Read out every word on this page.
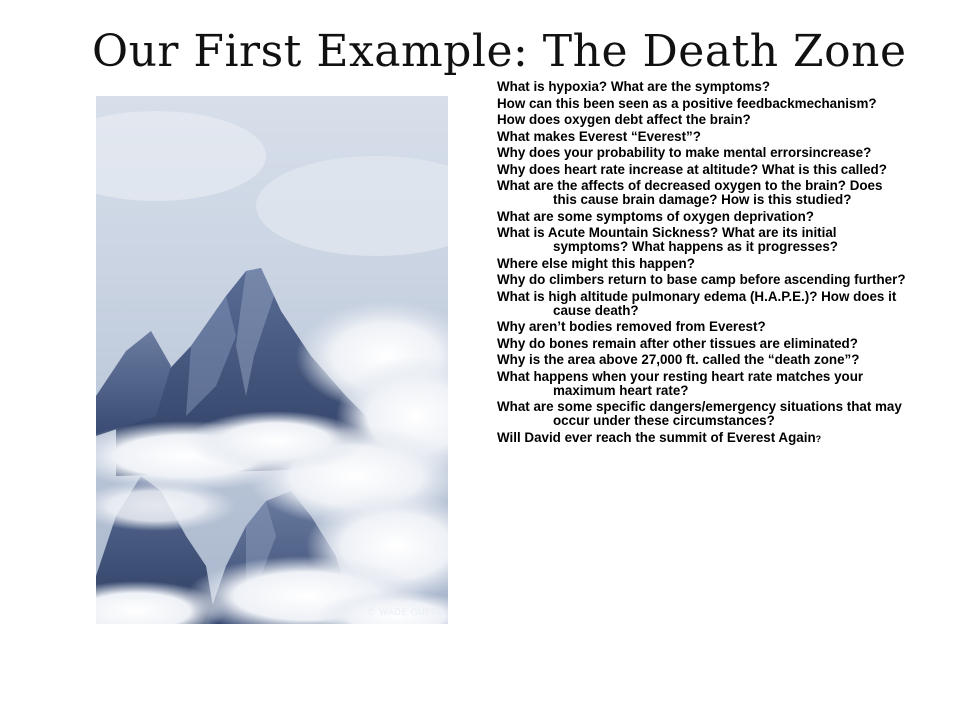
Our First Example: The Death Zone
© WADE GUPTA
What is hypoxia? What are the symptoms?
How can this been seen as a positive feedbackmechanism?
How does oxygen debt affect the brain?
What makes Everest “Everest”?
Why does your probability to make mental errorsincrease?
Why does heart rate increase at altitude? What is this called?
What are the affects of decreased oxygen to the brain? Does this cause brain damage? How is this studied?
What are some symptoms of oxygen deprivation?
What is Acute Mountain Sickness? What are its initial symptoms? What happens as it progresses?
Where else might this happen?
Why do climbers return to base camp before ascending further?
What is high altitude pulmonary edema (H.A.P.E.)? How does it cause death?
Why aren’t bodies removed from Everest?
Why do bones remain after other tissues are eliminated?
Why is the area above 27,000 ft. called the “death zone”?
What happens when your resting heart rate matches your maximum heart rate?
What are some specific dangers/emergency situations that may occur under these circumstances?
Will David ever reach the summit of Everest Again?
